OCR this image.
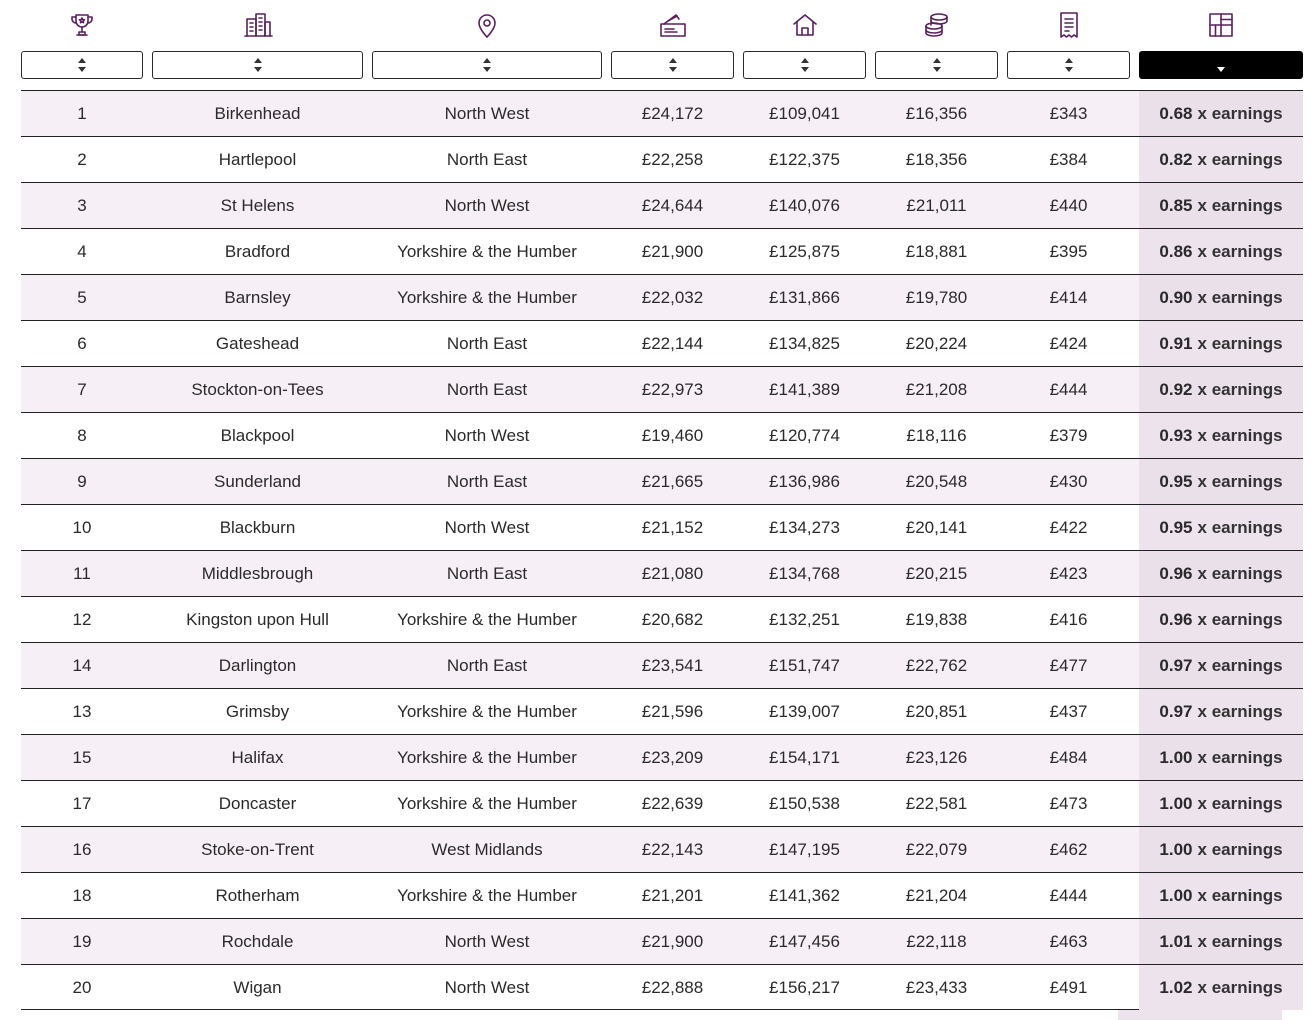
1	Birkenhead	North West	£24,172	£109,041	£16,356	£343	0.68 x earnings
2	Hartlepool	North East	£22,258	£122,375	£18,356	£384	0.82 x earnings
3	St Helens	North West	£24,644	£140,076	£21,011	£440	0.85 x earnings
4	Bradford	Yorkshire & the Humber	£21,900	£125,875	£18,881	£395	0.86 x earnings
5	Barnsley	Yorkshire & the Humber	£22,032	£131,866	£19,780	£414	0.90 x earnings
6	Gateshead	North East	£22,144	£134,825	£20,224	£424	0.91 x earnings
7	Stockton-on-Tees	North East	£22,973	£141,389	£21,208	£444	0.92 x earnings
8	Blackpool	North West	£19,460	£120,774	£18,116	£379	0.93 x earnings
9	Sunderland	North East	£21,665	£136,986	£20,548	£430	0.95 x earnings
10	Blackburn	North West	£21,152	£134,273	£20,141	£422	0.95 x earnings
11	Middlesbrough	North East	£21,080	£134,768	£20,215	£423	0.96 x earnings
12	Kingston upon Hull	Yorkshire & the Humber	£20,682	£132,251	£19,838	£416	0.96 x earnings
14	Darlington	North East	£23,541	£151,747	£22,762	£477	0.97 x earnings
13	Grimsby	Yorkshire & the Humber	£21,596	£139,007	£20,851	£437	0.97 x earnings
15	Halifax	Yorkshire & the Humber	£23,209	£154,171	£23,126	£484	1.00 x earnings
17	Doncaster	Yorkshire & the Humber	£22,639	£150,538	£22,581	£473	1.00 x earnings
16	Stoke-on-Trent	West Midlands	£22,143	£147,195	£22,079	£462	1.00 x earnings
18	Rotherham	Yorkshire & the Humber	£21,201	£141,362	£21,204	£444	1.00 x earnings
19	Rochdale	North West	£21,900	£147,456	£22,118	£463	1.01 x earnings
20	Wigan	North West	£22,888	£156,217	£23,433	£491	1.02 x earnings
